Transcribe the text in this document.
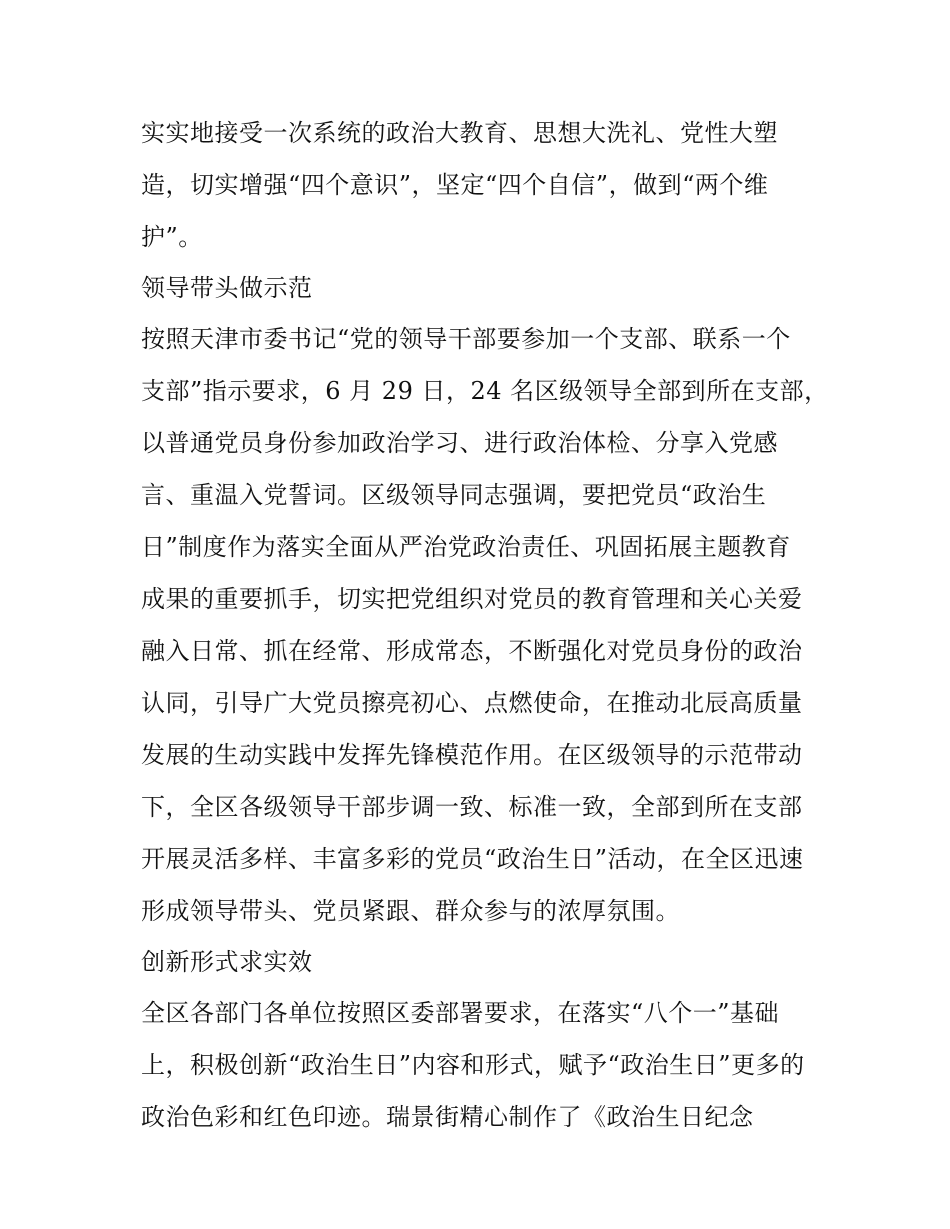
实实地接受一次系统的政治大教育、思想大洗礼、党性大塑
造，切实增强“四个意识”，坚定“四个自信”，做到“两个维
护”。
领导带头做示范
按照天津市委书记“党的领导干部要参加一个支部、联系一个
支部”指示要求，6 月 29 日，24 名区级领导全部到所在支部，
以普通党员身份参加政治学习、进行政治体检、分享入党感
言、重温入党誓词。区级领导同志强调，要把党员“政治生
日”制度作为落实全面从严治党政治责任、巩固拓展主题教育
成果的重要抓手，切实把党组织对党员的教育管理和关心关爱
融入日常、抓在经常、形成常态，不断强化对党员身份的政治
认同，引导广大党员擦亮初心、点燃使命，在推动北辰高质量
发展的生动实践中发挥先锋模范作用。在区级领导的示范带动
下，全区各级领导干部步调一致、标准一致，全部到所在支部
开展灵活多样、丰富多彩的党员“政治生日”活动，在全区迅速
形成领导带头、党员紧跟、群众参与的浓厚氛围。
创新形式求实效
全区各部门各单位按照区委部署要求，在落实“八个一”基础
上，积极创新“政治生日”内容和形式，赋予“政治生日”更多的
政治色彩和红色印迹。瑞景街精心制作了《政治生日纪念
